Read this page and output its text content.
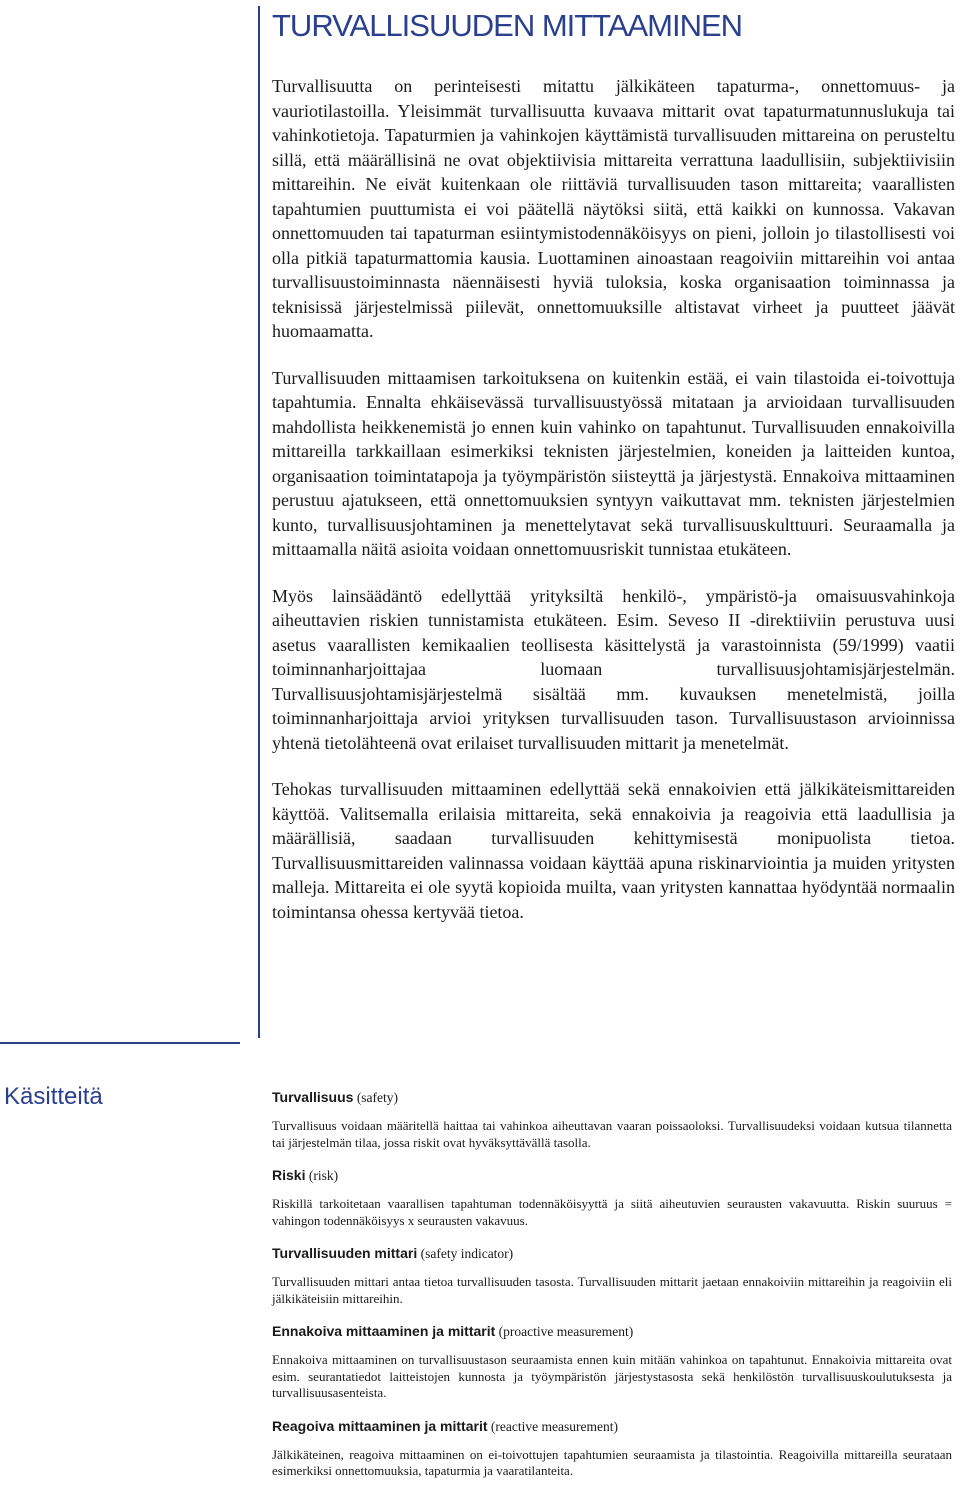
TURVALLISUUDEN MITTAAMINEN

Turvallisuutta on perinteisesti mitattu jälkikäteen tapaturma-, onnettomuus- ja vauriotilastoilla. Yleisimmät turvallisuutta kuvaava mittarit ovat tapaturmatunnuslukuja tai vahinkotietoja. Tapaturmien ja vahinkojen käyttämistä turvallisuuden mittareina on perusteltu sillä, että määrällisinä ne ovat objektiivisia mittareita verrattuna laadullisiin, subjektiivisiin mittareihin. Ne eivät kuitenkaan ole riittäviä turvallisuuden tason mittareita; vaarallisten tapahtumien puuttumista ei voi päätellä näytöksi siitä, että kaikki on kunnossa. Vakavan onnettomuuden tai tapaturman esiintymistodennäköisyys on pieni, jolloin jo tilastollisesti voi olla pitkiä tapaturmattomia kausia. Luottaminen ainoastaan reagoiviin mittareihin voi antaa turvallisuustoiminnasta näennäisesti hyviä tuloksia, koska organisaation toiminnassa ja teknisissä järjestelmissä piilevät, onnettomuuksille altistavat virheet ja puutteet jäävät huomaamatta.

Turvallisuuden mittaamisen tarkoituksena on kuitenkin estää, ei vain tilastoida ei-toivottuja tapahtumia. Ennalta ehkäisevässä turvallisuustyössä mitataan ja arvioidaan turvallisuuden mahdollista heikkenemistä jo ennen kuin vahinko on tapahtunut. Turvallisuuden ennakoivilla mittareilla tarkkaillaan esimerkiksi teknisten järjestelmien, koneiden ja laitteiden kuntoa, organisaation toimintatapoja ja työympäristön siisteyttä ja järjestystä. Ennakoiva mittaaminen perustuu ajatukseen, että onnettomuuksien syntyyn vaikuttavat mm. teknisten järjestelmien kunto, turvallisuusjohtaminen ja menettelytavat sekä turvallisuuskulttuuri. Seuraamalla ja mittaamalla näitä asioita voidaan onnettomuusriskit tunnistaa etukäteen.

Myös lainsäädäntö edellyttää yrityksiltä henkilö-, ympäristö-ja omaisuusvahinkoja aiheuttavien riskien tunnistamista etukäteen. Esim. Seveso II -direktiiviin perustuva uusi asetus vaarallisten kemikaalien teollisesta käsittelystä ja varastoinnista (59/1999) vaatii toiminnanharjoittajaa luomaan turvallisuusjohtamisjärjestelmän. Turvallisuusjohtamisjärjestelmä sisältää mm. kuvauksen menetelmistä, joilla toiminnanharjoittaja arvioi yrityksen turvallisuuden tason. Turvallisuustason arvioinnissa yhtenä tietolähteenä ovat erilaiset turvallisuuden mittarit ja menetelmät.

Tehokas turvallisuuden mittaaminen edellyttää sekä ennakoivien että jälkikäteismittareiden käyttöä. Valitsemalla erilaisia mittareita, sekä ennakoivia ja reagoivia että laadullisia ja määrällisiä, saadaan turvallisuuden kehittymisestä monipuolista tietoa. Turvallisuusmittareiden valinnassa voidaan käyttää apuna riskinarviointia ja muiden yritysten malleja. Mittareita ei ole syytä kopioida muilta, vaan yritysten kannattaa hyödyntää normaalin toimintansa ohessa kertyvää tietoa.

Käsitteitä	Turvallisuus (safety)

Turvallisuus voidaan määritellä haittaa tai vahinkoa aiheuttavan vaaran poissaoloksi. Turvallisuudeksi voidaan kutsua tilannetta tai järjestelmän tilaa, jossa riskit ovat hyväksyttävällä tasolla.

Riski (risk)

Riskillä tarkoitetaan vaarallisen tapahtuman todennäköisyyttä ja siitä aiheutuvien seurausten vakavuutta. Riskin suuruus = vahingon todennäköisyys x seurausten vakavuus.

Turvallisuuden mittari (safety indicator)

Turvallisuuden mittari antaa tietoa turvallisuuden tasosta. Turvallisuuden mittarit jaetaan ennakoiviin mittareihin ja reagoiviin eli jälkikäteisiin mittareihin.

Ennakoiva mittaaminen ja mittarit (proactive measurement)

Ennakoiva mittaaminen on turvallisuustason seuraamista ennen kuin mitään vahinkoa on tapahtunut. Ennakoivia mittareita ovat esim. seurantatiedot laitteistojen kunnosta ja työympäristön järjestystasosta sekä henkilöstön turvallisuuskoulutuksesta ja turvallisuusasenteista.

Reagoiva mittaaminen ja mittarit (reactive measurement)

Jälkikäteinen, reagoiva mittaaminen on ei-toivottujen tapahtumien seuraamista ja tilastointia. Reagoivilla mittareilla seurataan esimerkiksi onnettomuuksia, tapaturmia ja vaaratilanteita.
